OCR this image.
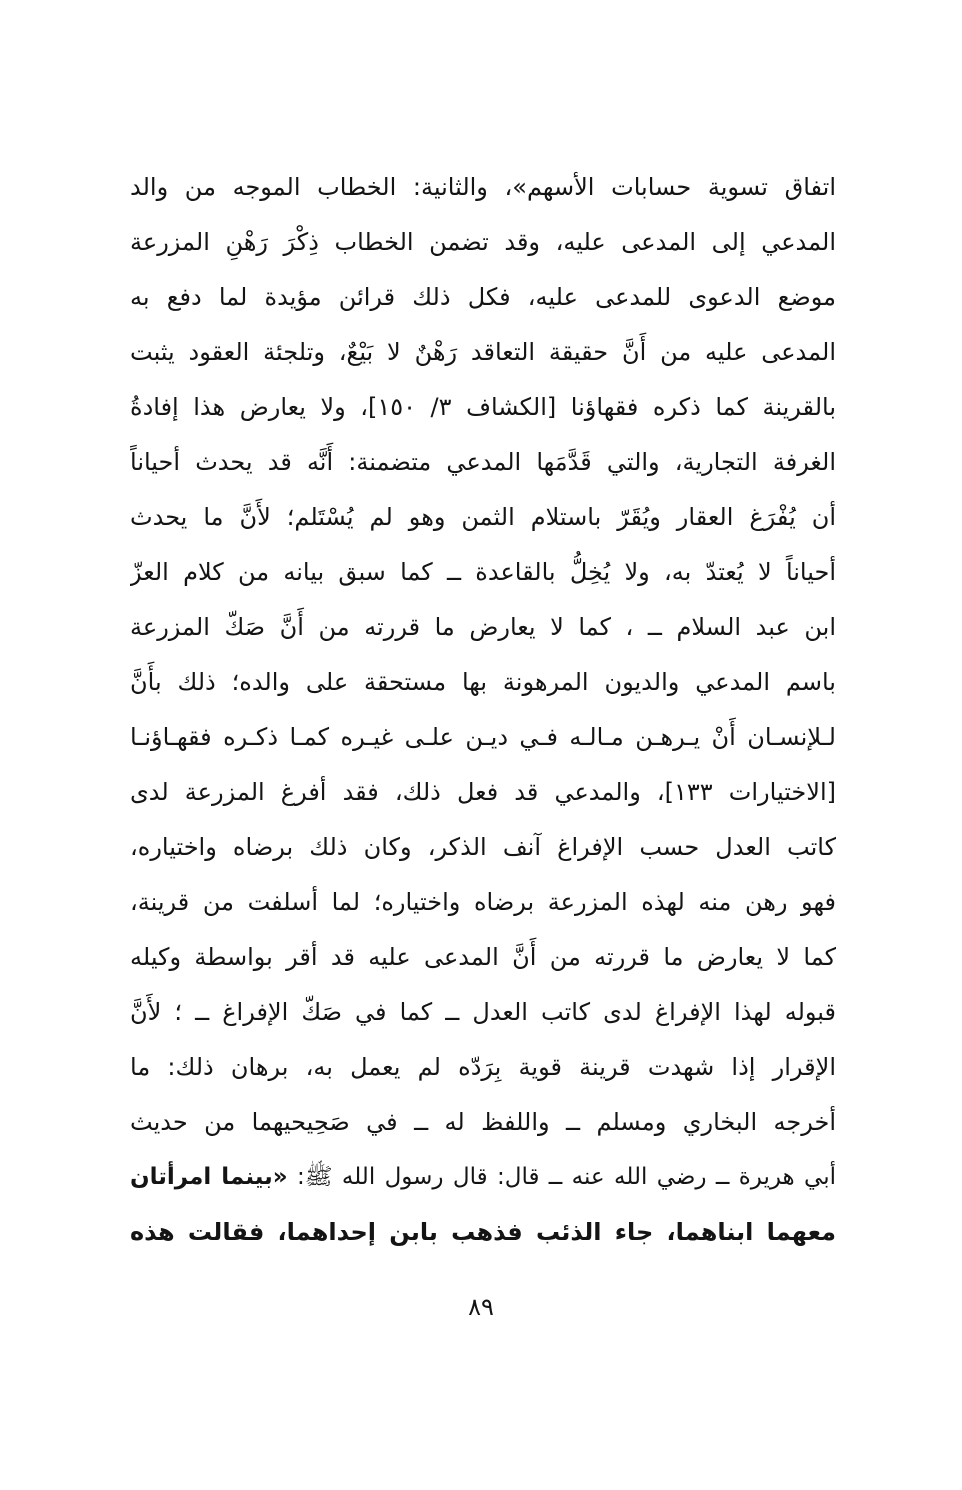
اتفاق تسوية حسابات الأسهم»، والثانية: الخطاب الموجه من والد
المدعي إلى المدعى عليه، وقد تضمن الخطاب ذِكْرَ رَهْنِ المزرعة
موضع الدعوى للمدعى عليه، فكل ذلك قرائن مؤيدة لما دفع به
المدعى عليه من أَنَّ حقيقة التعاقد رَهْنٌ لا بَيْعٌ، وتلجئة العقود يثبت
بالقرينة كما ذكره فقهاؤنا [الكشاف ٣/ ١٥٠]، ولا يعارض هذا إفادةُ
الغرفة التجارية، والتي قَدَّمَها المدعي متضمنة: أَنَّه قد يحدث أحياناً
أن يُفْرَغ العقار ويُقَرّ باستلام الثمن وهو لم يُسْتَلم؛ لأَنَّ ما يحدث
أحياناً لا يُعتدّ به، ولا يُخِلُّ بالقاعدة ــ كما سبق بيانه من كلام العزّ
ابن عبد السلام ــ ، كما لا يعارض ما قررته من أَنَّ صَكّ المزرعة
باسم المدعي والديون المرهونة بها مستحقة على والده؛ ذلك بأَنَّ
لـلإنسـان أَنْ يـرهـن مـالـه فـي ديـن علـى غيـره كمـا ذكـره فقهـاؤنـا
[الاختيارات ١٣٣]، والمدعي قد فعل ذلك، فقد أفرغ المزرعة لدى
كاتب العدل حسب الإفراغ آنف الذكر، وكان ذلك برضاه واختياره،
فهو رهن منه لهذه المزرعة برضاه واختياره؛ لما أسلفت من قرينة،
كما لا يعارض ما قررته من أَنَّ المدعى عليه قد أقر بواسطة وكيله
قبوله لهذا الإفراغ لدى كاتب العدل ــ كما في صَكّ الإفراغ ــ ؛ لأَنَّ
الإقرار إذا شهدت قرينة قوية بِرَدّه لم يعمل به، برهان ذلك: ما
أخرجه البخاري ومسلم ــ واللفظ له ــ في صَحِيحيهما من حديث
أبي هريرة ــ رضي الله عنه ــ قال: قال رسول الله ﷺ: «بينما امرأتان
معهما ابناهما، جاء الذئب فذهب بابن إحداهما، فقالت هذه
٨٩
